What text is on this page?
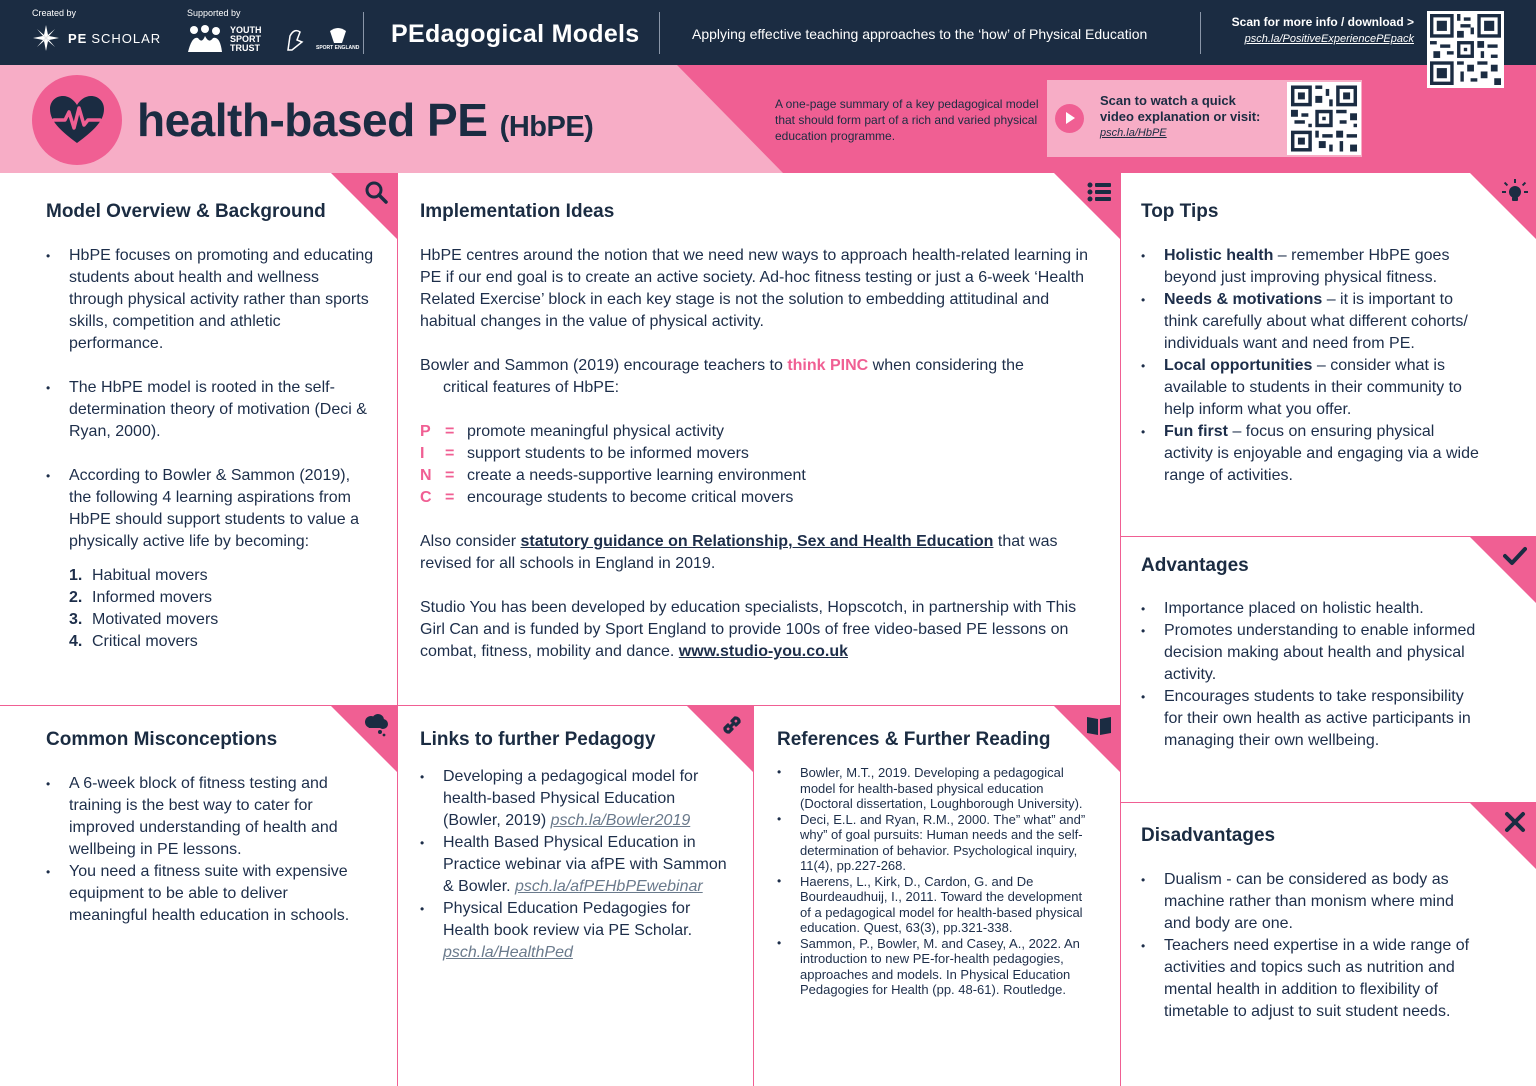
Created by	Supported by
PE SCHOLAR
YOUTH
SPORT
TRUST	SPORT ENGLAND PEdagogical Models	Applying effective teaching approaches to the ‘how’ of Physical Education
Scan for more info / download >
psch.la/PositiveExperiencePEpack
health-based PE (HbPE)
A one-page summary of a key pedagogical model that should form part of a rich and varied physical education programme.
Scan to watch a quick
video explanation or visit:
psch.la/HbPE
Model Overview & Background
• HbPE focuses on promoting and educating students about health and wellness through physical activity rather than sports skills, competition and athletic performance.
• The HbPE model is rooted in the self-determination theory of motivation (Deci & Ryan, 2000).
• According to Bowler & Sammon (2019), the following 4 learning aspirations from HbPE should support students to value a physically active life by becoming:
1. Habitual movers
2. Informed movers
3. Motivated movers
4. Critical movers
Implementation Ideas

HbPE centres around the notion that we need new ways to approach health-related learning in PE if our end goal is to create an active society. Ad-hoc fitness testing or just a 6-week ‘Health Related Exercise’ block in each key stage is not the solution to embedding attitudinal and habitual changes in the value of physical activity.

Bowler and Sammon (2019) encourage teachers to think PINC when considering the
critical features of HbPE:

P = promote meaningful physical activity
I	= support students to be informed movers
N = create a needs-supportive learning environment
C = encourage students to become critical movers

Also consider statutory guidance on Relationship, Sex and Health Education that was revised for all schools in England in 2019.

Studio You has been developed by education specialists, Hopscotch, in partnership with This Girl Can and is funded by Sport England to provide 100s of free video-based PE lessons on combat, fitness, mobility and dance. www.studio-you.co.uk

Top Tips
• Holistic health – remember HbPE goes beyond just improving physical fitness.
• Needs & motivations – it is important to think carefully about what different cohorts/ individuals want and need from PE.
• Local opportunities – consider what is available to students in their community to help inform what you offer.
• Fun first – focus on ensuring physical activity is enjoyable and engaging via a wide range of activities.
Advantages
• Importance placed on holistic health.
• Promotes understanding to enable informed decision making about health and physical activity.
• Encourages students to take responsibility for their own health as active participants in managing their own wellbeing.
Common Misconceptions
• A 6-week block of fitness testing and training is the best way to cater for improved understanding of health and wellbeing in PE lessons.
• You need a fitness suite with expensive equipment to be able to deliver meaningful health education in schools.
Links to further Pedagogy
• Developing a pedagogical model for health-based Physical Education (Bowler, 2019) psch.la/Bowler2019
• Health Based Physical Education in Practice webinar via afPE with Sammon & Bowler. psch.la/afPEHbPEwebinar
• Physical Education Pedagogies for Health book review via PE Scholar. psch.la/HealthPed
References & Further Reading
• Bowler, M.T., 2019. Developing a pedagogical model for health-based physical education (Doctoral dissertation, Loughborough University).
• Deci, E.L. and Ryan, R.M., 2000. The” what” and” why” of goal pursuits: Human needs and the self-determination of behavior. Psychological inquiry, 11(4), pp.227-268.
• Haerens, L., Kirk, D., Cardon, G. and De Bourdeaudhuij, I., 2011. Toward the development of a pedagogical model for health-based physical education. Quest, 63(3), pp.321-338.
• Sammon, P., Bowler, M. and Casey, A., 2022. An introduction to new PE-for-health pedagogies, approaches and models. In Physical Education Pedagogies for Health (pp. 48-61). Routledge.
Disadvantages
• Dualism - can be considered as body as machine rather than monism where mind and body are one.
• Teachers need expertise in a wide range of activities and topics such as nutrition and mental health in addition to flexibility of timetable to adjust to suit student needs.
